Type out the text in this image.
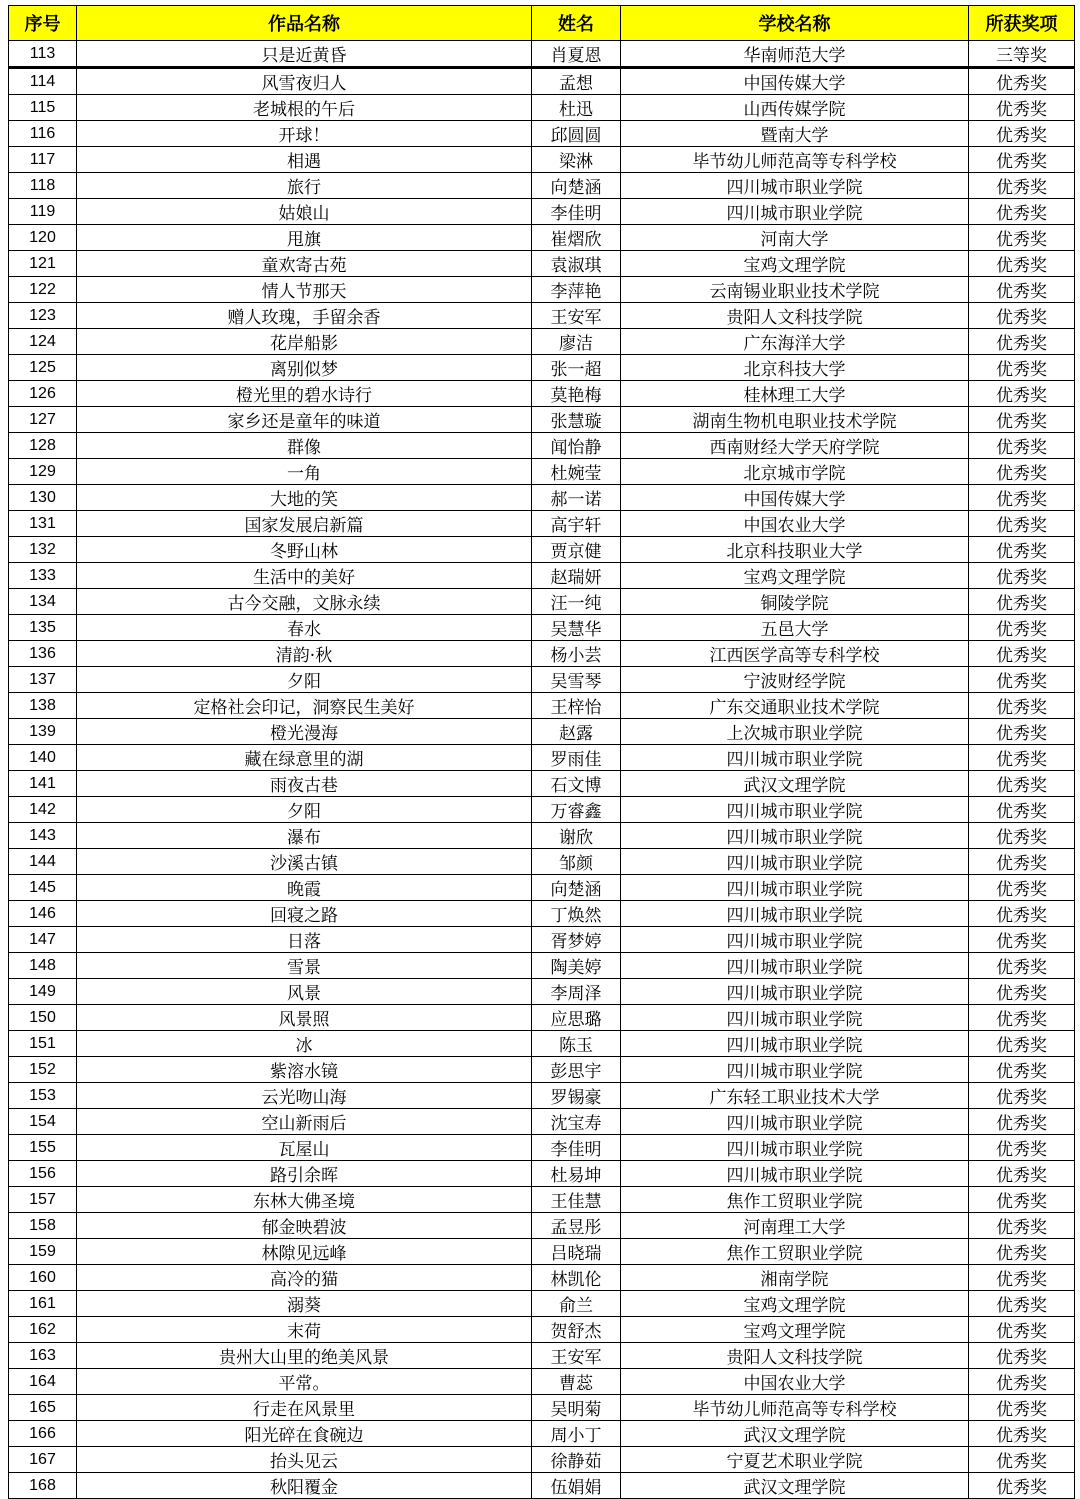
序号	作品名称	姓名	学校名称	所获奖项
113	只是近黄昏	肖夏恩	华南师范大学	三等奖
114	风雪夜归人	孟想	中国传媒大学	优秀奖
115	老城根的午后	杜迅	山西传媒学院	优秀奖
116	开球！	邱圆圆	暨南大学	优秀奖
117	相遇	梁淋	毕节幼儿师范高等专科学校	优秀奖
118	旅行	向楚涵	四川城市职业学院	优秀奖
119	姑娘山	李佳明	四川城市职业学院	优秀奖
120	甩旗	崔熠欣	河南大学	优秀奖
121	童欢寄古苑	袁淑琪	宝鸡文理学院	优秀奖
122	情人节那天	李萍艳	云南锡业职业技术学院	优秀奖
123	赠人玫瑰，手留余香	王安军	贵阳人文科技学院	优秀奖
124	花岸船影	廖洁	广东海洋大学	优秀奖
125	离别似梦	张一超	北京科技大学	优秀奖
126	橙光里的碧水诗行	莫艳梅	桂林理工大学	优秀奖
127	家乡还是童年的味道	张慧璇	湖南生物机电职业技术学院	优秀奖
128	群像	闻怡静	西南财经大学天府学院	优秀奖
129	一角	杜婉莹	北京城市学院	优秀奖
130	大地的笑	郝一诺	中国传媒大学	优秀奖
131	国家发展启新篇	高宇轩	中国农业大学	优秀奖
132	冬野山林	贾京健	北京科技职业大学	优秀奖
133	生活中的美好	赵瑞妍	宝鸡文理学院	优秀奖
134	古今交融，文脉永续	汪一纯	铜陵学院	优秀奖
135	春水	吴慧华	五邑大学	优秀奖
136	清韵·秋	杨小芸	江西医学高等专科学校	优秀奖
137	夕阳	吴雪琴	宁波财经学院	优秀奖
138	定格社会印记，洞察民生美好	王梓怡	广东交通职业技术学院	优秀奖
139	橙光漫海	赵露	上次城市职业学院	优秀奖
140	藏在绿意里的湖	罗雨佳	四川城市职业学院	优秀奖
141	雨夜古巷	石文博	武汉文理学院	优秀奖
142	夕阳	万睿鑫	四川城市职业学院	优秀奖
143	瀑布	谢欣	四川城市职业学院	优秀奖
144	沙溪古镇	邹颜	四川城市职业学院	优秀奖
145	晚霞	向楚涵	四川城市职业学院	优秀奖
146	回寝之路	丁焕然	四川城市职业学院	优秀奖
147	日落	胥梦婷	四川城市职业学院	优秀奖
148	雪景	陶美婷	四川城市职业学院	优秀奖
149	风景	李周泽	四川城市职业学院	优秀奖
150	风景照	应思璐	四川城市职业学院	优秀奖
151	冰	陈玉	四川城市职业学院	优秀奖
152	紫溶水镜	彭思宇	四川城市职业学院	优秀奖
153	云光吻山海	罗锡豪	广东轻工职业技术大学	优秀奖
154	空山新雨后	沈宝寿	四川城市职业学院	优秀奖
155	瓦屋山	李佳明	四川城市职业学院	优秀奖
156	路引余晖	杜易坤	四川城市职业学院	优秀奖
157	东林大佛圣境	王佳慧	焦作工贸职业学院	优秀奖
158	郁金映碧波	孟昱彤	河南理工大学	优秀奖
159	林隙见远峰	吕晓瑞	焦作工贸职业学院	优秀奖
160	高冷的猫	林凯伦	湘南学院	优秀奖
161	溺葵	俞兰	宝鸡文理学院	优秀奖
162	末荷	贺舒杰	宝鸡文理学院	优秀奖
163	贵州大山里的绝美风景	王安军	贵阳人文科技学院	优秀奖
164	平常。	曹蕊	中国农业大学	优秀奖
165	行走在风景里	吴明菊	毕节幼儿师范高等专科学校	优秀奖
166	阳光碎在食碗边	周小丁	武汉文理学院	优秀奖
167	抬头见云	徐静茹	宁夏艺术职业学院	优秀奖
168	秋阳覆金	伍娟娟	武汉文理学院	优秀奖
